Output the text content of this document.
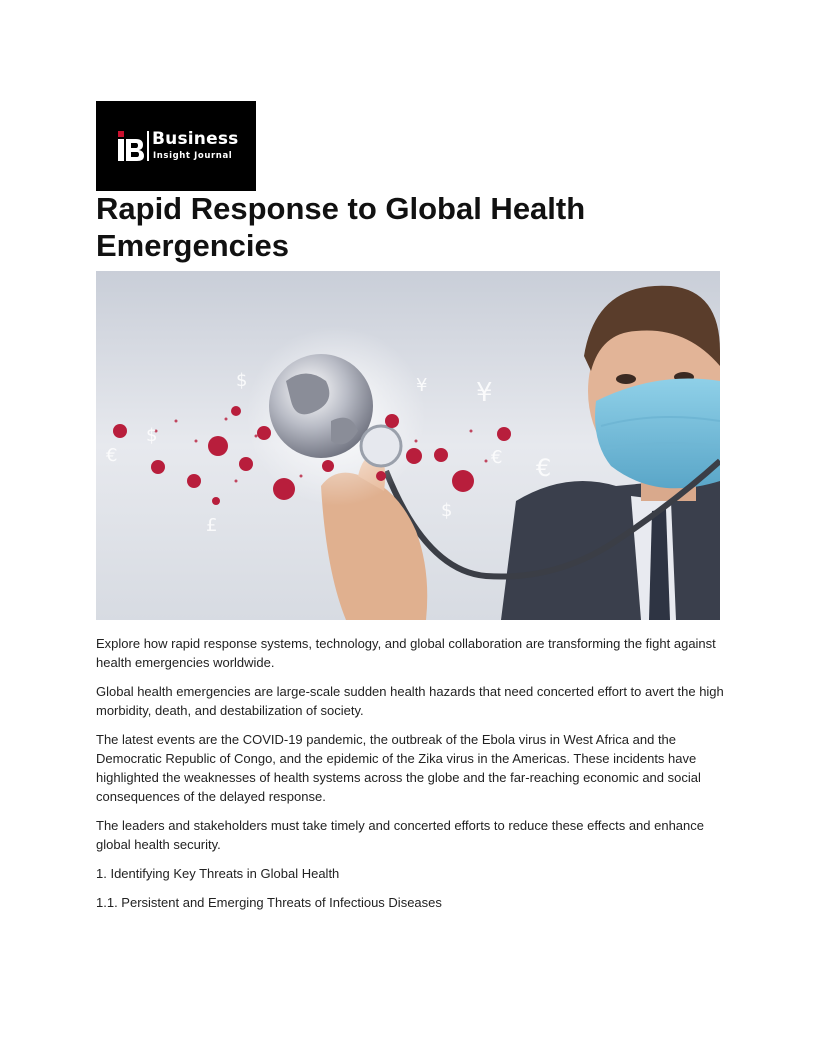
Business
Insight Journal
Rapid Response to Global Health Emergencies
€
£
$	¥ ¥
€
€
$
$

Explore how rapid response systems, technology, and global collaboration are transforming the fight against health emergencies worldwide.

Global health emergencies are large-scale sudden health hazards that need concerted effort to avert the high morbidity, death, and destabilization of society.

The latest events are the COVID-19 pandemic, the outbreak of the Ebola virus in West Africa and the Democratic Republic of Congo, and the epidemic of the Zika virus in the Americas. These incidents have highlighted the weaknesses of health systems across the globe and the far-reaching economic and social consequences of the delayed response.

The leaders and stakeholders must take timely and concerted efforts to reduce these effects and enhance global health security.

1. Identifying Key Threats in Global Health

1.1. Persistent and Emerging Threats of Infectious Diseases
